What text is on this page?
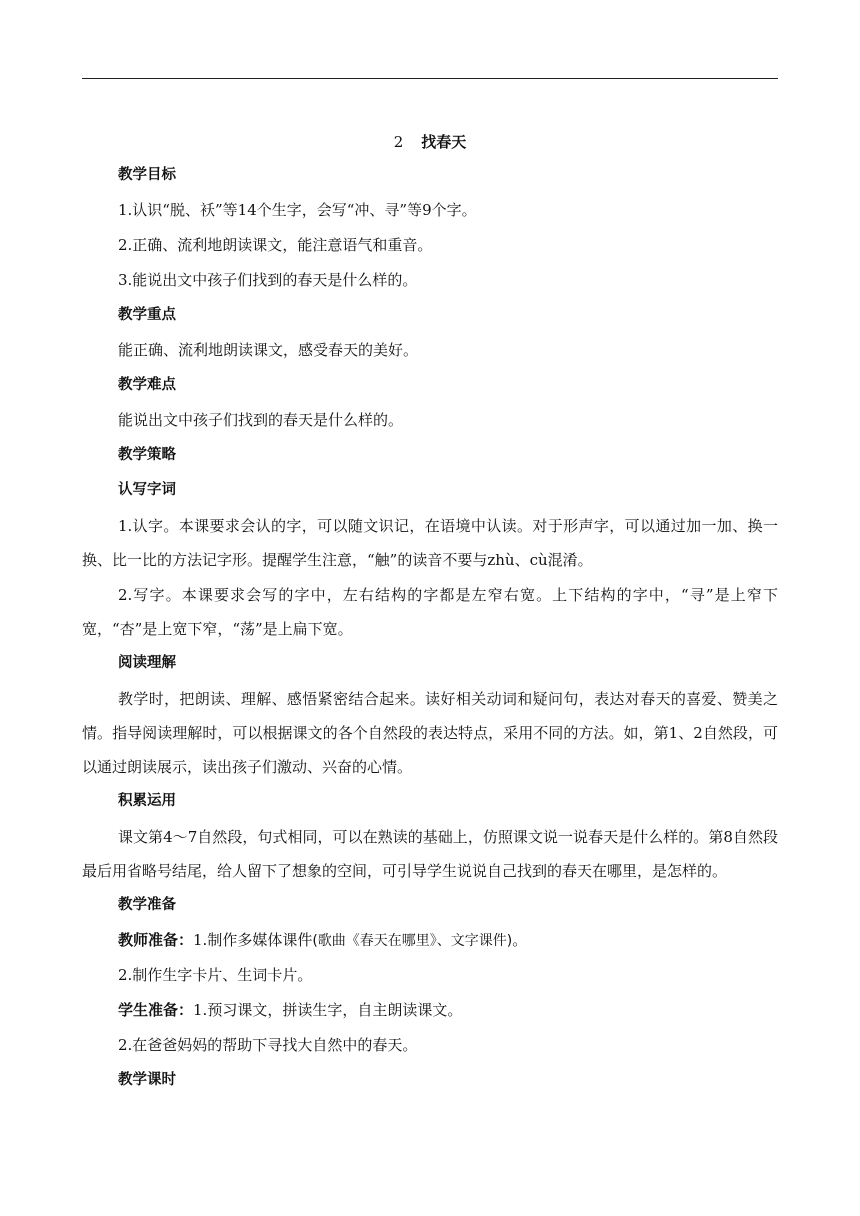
2 找春天
教学目标
1.认识“脱、袄”等14个生字，会写“冲、寻”等9个字。
2.正确、流利地朗读课文，能注意语气和重音。
3.能说出文中孩子们找到的春天是什么样的。
教学重点
能正确、流利地朗读课文，感受春天的美好。
教学难点
能说出文中孩子们找到的春天是什么样的。
教学策略
认写字词
1.认字。本课要求会认的字，可以随文识记，在语境中认读。对于形声字，可以通过加一加、换一换、比一比的方法记字形。提醒学生注意，“触”的读音不要与zhù、cù混淆。
2.写字。本课要求会写的字中，左右结构的字都是左窄右宽。上下结构的字中，“寻”是上窄下宽，“杏”是上宽下窄，“荡”是上扁下宽。
阅读理解
教学时，把朗读、理解、感悟紧密结合起来。读好相关动词和疑问句，表达对春天的喜爱、赞美之情。指导阅读理解时，可以根据课文的各个自然段的表达特点，采用不同的方法。如，第1、2自然段，可以通过朗读展示，读出孩子们激动、兴奋的心情。
积累运用
课文第4～7自然段，句式相同，可以在熟读的基础上，仿照课文说一说春天是什么样的。第8自然段最后用省略号结尾，给人留下了想象的空间，可引导学生说说自己找到的春天在哪里，是怎样的。
教学准备
教师准备：1.制作多媒体课件(歌曲《春天在哪里》、文字课件)。
2.制作生字卡片、生词卡片。
学生准备：1.预习课文，拼读生字，自主朗读课文。
2.在爸爸妈妈的帮助下寻找大自然中的春天。
教学课时
